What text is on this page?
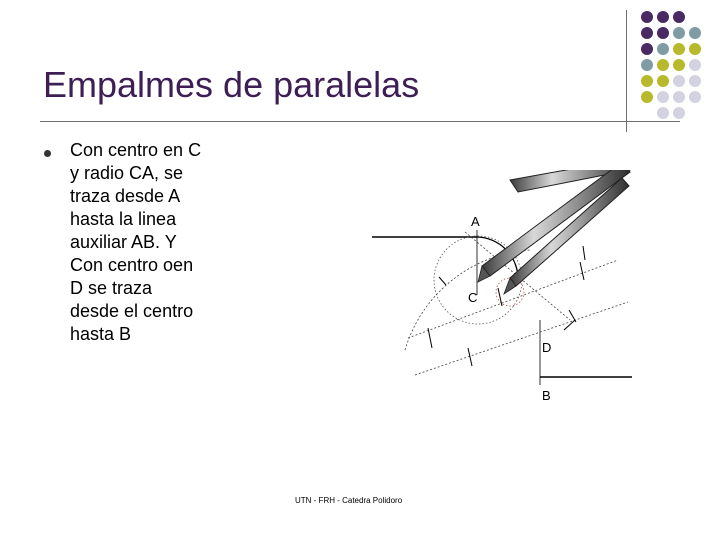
Empalmes de paralelas
Con centro en C
y radio CA, se
traza desde A
hasta la linea
auxiliar AB. Y
Con centro oen
D se traza
desde el centro
hasta B
A
C
D
B
UTN - FRH - Catedra Polidoro
